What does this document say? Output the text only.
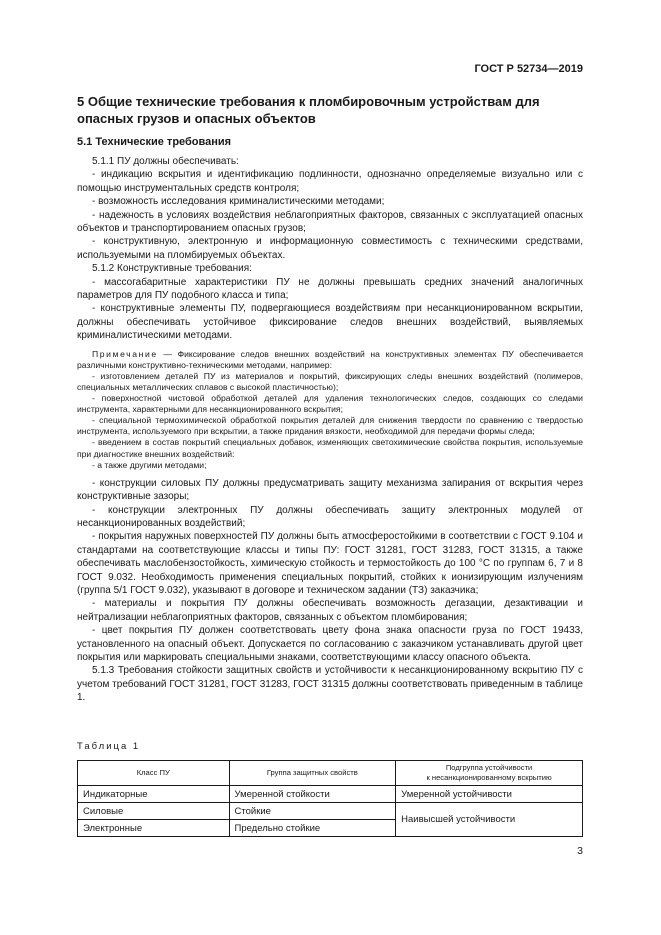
ГОСТ Р 52734—2019
5 Общие технические требования к пломбировочным устройствам для опасных грузов и опасных объектов
5.1 Технические требования

5.1.1 ПУ должны обеспечивать:

- индикацию вскрытия и идентификацию подлинности, однозначно определяемые визуально или с помощью инструментальных средств контроля;

- возможность исследования криминалистическими методами;

- надежность в условиях воздействия неблагоприятных факторов, связанных с эксплуатацией опасных объектов и транспортированием опасных грузов;

- конструктивную, электронную и информационную совместимость с техническими средствами, используемыми на пломбируемых объектах.

5.1.2 Конструктивные требования:

- массогабаритные характеристики ПУ не должны превышать средних значений аналогичных параметров для ПУ подобного класса и типа;

- конструктивные элементы ПУ, подвергающиеся воздействиям при несанкционированном вскрытии, должны обеспечивать устойчивое фиксирование следов внешних воздействий, выявляемых криминалистическими методами.

Примечание — Фиксирование следов внешних воздействий на конструктивных элементах ПУ обеспечивается различными конструктивно-техническими методами, например:

- изготовлением деталей ПУ из материалов и покрытий, фиксирующих следы внешних воздействий (полимеров, специальных металлических сплавов с высокой пластичностью);

- поверхностной чистовой обработкой деталей для удаления технологических следов, создающих со следами инструмента, характерными для несанкционированного вскрытия;

- специальной термохимической обработкой покрытия деталей для снижения твердости по сравнению с твердостью инструмента, используемого при вскрытии, а также придания вязкости, необходимой для передачи формы следа;

- введением в состав покрытий специальных добавок, изменяющих светохимические свойства покрытия, используемые при диагностике внешних воздействий:

- а также другими методами;

- конструкции силовых ПУ должны предусматривать защиту механизма запирания от вскрытия через конструктивные зазоры;

- конструкции электронных ПУ должны обеспечивать защиту электронных модулей от несанкционированных воздействий;

- покрытия наружных поверхностей ПУ должны быть атмосферостойкими в соответствии с ГОСТ 9.104 и стандартами на соответствующие классы и типы ПУ: ГОСТ 31281, ГОСТ 31283, ГОСТ 31315, а также обеспечивать маслобензостойкость, химическую стойкость и термостойкость до 100 °С по группам 6, 7 и 8 ГОСТ 9.032. Необходимость применения специальных покрытий, стойких к ионизирующим излучениям (группа 5/1 ГОСТ 9.032), указывают в договоре и техническом задании (ТЗ) заказчика;

- материалы и покрытия ПУ должны обеспечивать возможность дегазации, дезактивации и нейтрализации неблагоприятных факторов, связанных с объектом пломбирования;

- цвет покрытия ПУ должен соответствовать цвету фона знака опасности груза по ГОСТ 19433, установленного на опасный объект. Допускается по согласованию с заказчиком устанавливать другой цвет покрытия или маркировать специальными знаками, соответствующими классу опасного объекта.

5.1.3 Требования стойкости защитных свойств и устойчивости к несанкционированному вскрытию ПУ с учетом требований ГОСТ 31281, ГОСТ 31283, ГОСТ 31315 должны соответствовать приведенным в таблице 1.

Таблица 1
Класс ПУ	Группа защитных свойств	Подгруппа устойчивости
к несанкционированному вскрытию
Индикаторные	Умеренной стойкости	Умеренной устойчивости
Силовые	Стойкие	Наивысшей устойчивости
Электронные	Предельно стойкие	
3
